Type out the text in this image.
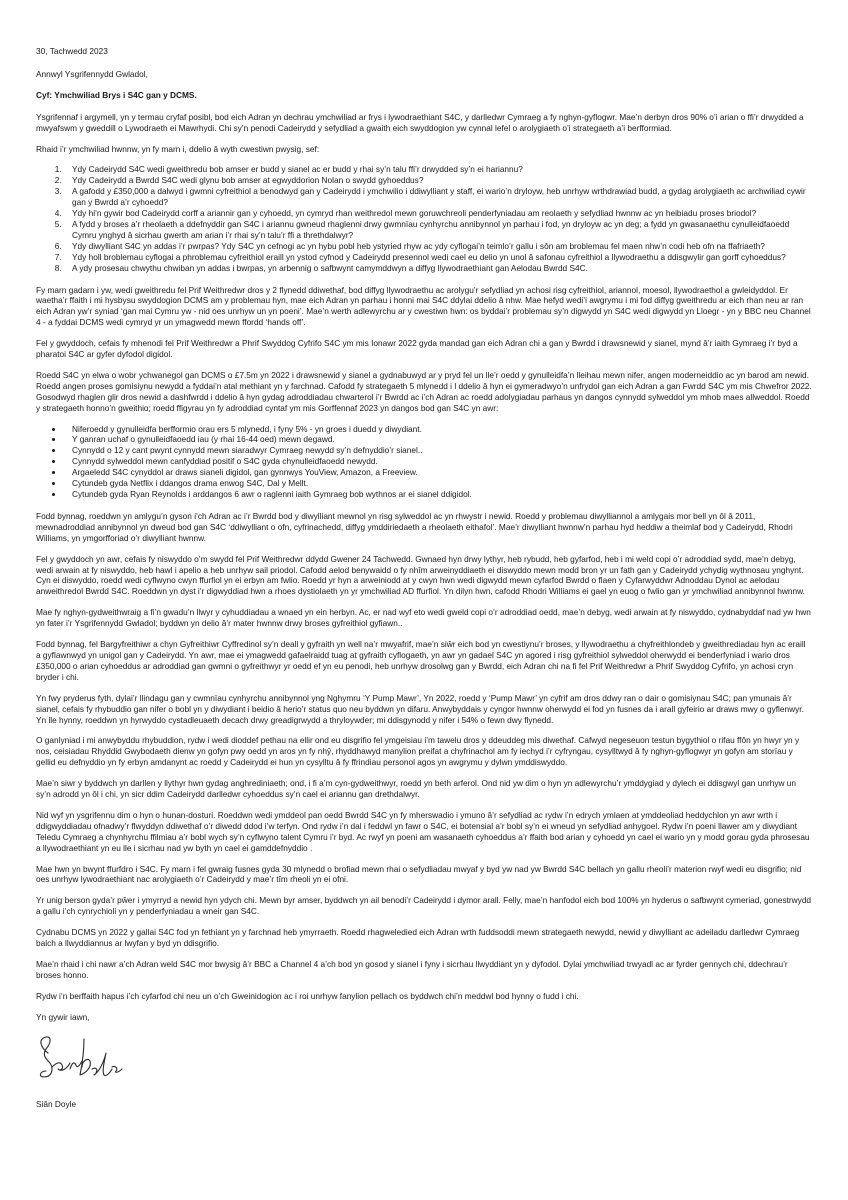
30, Tachwedd 2023

Annwyl Ysgrifennydd Gwladol,

Cyf: Ymchwiliad Brys i S4C gan y DCMS.

Ysgrifennaf i argymell, yn y termau cryfaf posibl, bod eich Adran yn dechrau ymchwiliad ar frys i lywodraethiant S4C, y darlledwr Cymraeg a fy nghyn-gyflogwr. Mae’n derbyn dros 90% o’i arian o ffi’r drwydded a mwyafswm y gweddill o Lywodraeth ei Mawrhydi. Chi sy’n penodi Cadeirydd y sefydliad a gwaith eich swyddogion yw cynnal lefel o arolygiaeth o’i strategaeth a’i berfformiad.

Rhaid i’r ymchwiliad hwnnw, yn fy marn i, ddelio â wyth cwestiwn pwysig, sef:

1. Ydy Cadeirydd S4C wedi gweithredu bob amser er budd y sianel ac er budd y rhai sy’n talu ffi’r drwydded sy’n ei hariannu?
2. Ydy Cadeirydd a Bwrdd S4C wedi glynu bob amser at egwyddorion Nolan o swydd gyhoeddus?
3. A gafodd y £350,000 a dalwyd i gwmni cyfreithiol a benodwyd gan y Cadeirydd i ymchwilio i ddiwylliant y staff, ei wario’n dryloyw, heb unrhyw wrthdrawiad budd, a gydag arolygiaeth ac archwiliad cywir gan y Bwrdd a’r cyhoedd?
4. Ydy hi’n gywir bod Cadeirydd corff a ariannir gan y cyhoedd, yn cymryd rhan weithredol mewn goruwchreoli penderfyniadau am reolaeth y sefydliad hwnnw ac yn heibiadu proses briodol?
5. A fydd y broses a’r rheolaeth a ddefnyddir gan S4C i ariannu gwneud rhaglenni drwy gwmnïau cynhyrchu annibynnol yn parhau i fod, yn dryloyw ac yn deg; a fydd yn gwasanaethu cynulleidfaoedd Cymru ynghyd â sicrhau gwerth am arian i’r rhai sy’n talu’r ffi a threthdalwyr?
6. Ydy diwylliant S4C yn addas i’r pwrpas? Ydy S4C yn cefnogi ac yn hybu pobl heb ystyried rhyw ac ydy cyflogai’n teimlo’r gallu i sôn am broblemau fel maen nhw’n codi heb ofn na ffafriaeth?
7. Ydy holl broblemau cyflogai a phroblemau cyfreithiol eraill yn ystod cyfnod y Cadeirydd presennol wedi cael eu delio yn unol â safonau cyfreithiol a llywodraethu a ddisgwylir gan gorff cyhoeddus?
8. A ydy prosesau chwythu chwiban yn addas i bwrpas, yn arbennig o safbwynt camymddwyn a diffyg llywodraethiant gan Aelodau Bwrdd S4C.

Fy marn gadarn i yw, wedi gweithredu fel Prif Weithredwr dros y 2 flynedd ddiwethaf, bod diffyg llywodraethu ac arolygu’r sefydliad yn achosi risg cyfreithiol, ariannol, moesol, llywodraethol a gwleidyddol. Er waetha’r ffaith i mi hysbysu swyddogion DCMS am y problemau hyn, mae eich Adran yn parhau i honni mai S4C ddylai ddelio â nhw. Mae hefyd wedi’i awgrymu i mi fod diffyg gweithredu ar eich rhan neu ar ran eich Adran yw’r syniad ‘gan mai Cymru yw - nid oes unrhyw un yn poeni’. Mae’n werth adlewyrchu ar y cwestiwn hwn: os byddai’r problemau sy’n digwydd yn S4C wedi digwydd yn Lloegr - yn y BBC neu Channel 4 - a fyddai DCMS wedi cymryd yr un ymagwedd mewn ffordd ‘hands off’.

Fel y gwyddoch, cefais fy mhenodi fel Prif Weithredwr a Phrif Swyddog Cyfrifo S4C ym mis Ionawr 2022 gyda mandad gan eich Adran chi a gan y Bwrdd i drawsnewid y sianel, mynd â’r iaith Gymraeg i’r byd a pharatoi S4C ar gyfer dyfodol digidol.

Roedd S4C yn elwa o wobr ychwanegol gan DCMS o £7.5m yn 2022 i drawsnewid y sianel a gydnabuwyd ar y pryd fel un lle’r oedd y gynulleidfa’n lleihau mewn nifer, angen moderneiddio ac yn barod am newid. Roedd angen proses gomisiynu newydd a fyddai’n atal methiant yn y farchnad. Cafodd fy strategaeth 5 mlynedd i l ddelio â hyn ei gymeradwyo’n unfrydol gan eich Adran a gan Fwrdd S4C ym mis Chwefror 2022. Gosodwyd rhaglen glir dros newid a dashfwrdd i ddelio â hyn gydag adroddiadau chwarterol i’r Bwrdd ac i’ch Adran ac roedd adolygiadau parhaus yn dangos cynnydd sylweddol ym mhob maes allweddol. Roedd y strategaeth honno’n gweithio; roedd ffigyrau yn fy adroddiad cyntaf ym mis Gorffennaf 2023 yn dangos bod gan S4C yn awr:

• Niferoedd y gynulleidfa berfformio orau ers 5 mlynedd, i fyny 5% - yn groes i duedd y diwydiant.
• Y ganran uchaf o gynulleidfaoedd iau (y rhai 16-44 oed) mewn degawd.
• Cynnydd o 12 y cant pwynt cynnydd mewn siaradwyr Cymraeg newydd sy’n defnyddio’r sianel..
• Cynnydd sylweddol mewn canfyddiad positif o S4C gyda chynulleidfaoedd newydd.
• Argaeledd S4C cynyddol ar draws sianeli digidol, gan gynnwys YouView, Amazon, a Freeview.
• Cytundeb gyda Netflix i ddangos drama enwog S4C, Dal y Mellt.
• Cytundeb gyda Ryan Reynolds i arddangos 6 awr o raglenni iaith Gymraeg bob wythnos ar ei sianel ddigidol.

Fodd bynnag, roeddwn yn amlygu’n gyson i’ch Adran ac i’r Bwrdd bod y diwylliant mewnol yn risg sylweddol ac yn rhwystr i newid. Roedd y problemau diwylliannol a amlygais mor bell yn ôl â 2011, mewnadroddiad annibynnol yn dweud bod gan S4C ‘ddiwylliant o ofn, cyfrinachedd, diffyg ymddiriedaeth a rheolaeth eithafol’. Mae’r diwylliant hwnnw’n parhau hyd heddiw a theimlaf bod y Cadeirydd, Rhodri Williams, yn ymgorfforiad o’r diwylliant hwnnw.

Fel y gwyddoch yn awr, cefais fy niswyddo o’m swydd fel Prif Weithredwr ddydd Gwener 24 Tachwedd. Gwnaed hyn drwy lythyr, heb rybudd, heb gyfarfod, heb i mi weld copi o’r adroddiad sydd, mae’n debyg, wedi arwain at fy niswyddo, heb hawl i apelio a heb unrhyw sail priodol. Cafodd aelod benywaidd o fy nhîm arweinyddiaeth ei diswyddo mewn modd bron yr un fath gan y Cadeirydd ychydig wythnosau ynghynt. Cyn ei diswyddo, roedd wedi cyflwyno cwyn ffurfiol yn ei erbyn am fwlio. Roedd yr hyn a arweiniodd at y cwyn hwn wedi digwydd mewn cyfarfod Bwrdd o flaen y Cyfarwyddwr Adnoddau Dynol ac aelodau anweithredol Bwrdd S4C. Roeddwn yn dyst i’r digwyddiad hwn a rhoes dystiolaeth yn yr ymchwiliad AD ffurfiol. Yn dilyn hwn, cafodd Rhodri Williams ei gael yn euog o fwlio gan yr ymchwiliad annibynnol hwnnw.

Mae fy nghyn-gydweithwraig a fi’n gwadu’n llwyr y cyhuddiadau a wnaed yn ein herbyn. Ac, er nad wyf eto wedi gweld copi o’r adroddiad oedd, mae’n debyg, wedi arwain at fy niswyddo, cydnabyddaf nad yw hwn yn fater i’r Ysgrifennydd Gwladol; byddwn yn delio â’r mater hwnnw drwy broses gyfreithiol gyfiawn..

Fodd bynnag, fel Bargyfreithiwr a chyn Gyfreithiwr Cyffredinol sy’n deall y gyfraith yn well na’r mwyafrif, mae’n siŵr eich bod yn cwestiynu’r broses, y llywodraethu a chyfreithlondeb y gweithrediadau hyn ac eraill a gyflawnwyd yn unigol gan y Cadeirydd. Yn awr, mae ei ymagwedd gafaelraidd tuag at gyfraith cyflogaeth, yn awr yn gadael S4C yn agored i risg gyfreithiol sylweddol oherwydd ei benderfyniad i wario dros £350,000 o arian cyhoeddus ar adroddiad gan gwmni o gyfreithwyr yr oedd ef yn eu penodi, heb unrhyw drosolwg gan y Bwrdd, eich Adran chi na fi fel Prif Weithredwr a Phrif Swyddog Cyfrifo, yn achosi cryn bryder i chi.

Yn fwy pryderus fyth, dylai’r llindagu gan y cwmnïau cynhyrchu annibynnol yng Nghymru ‘Y Pump Mawr’, Yn 2022, roedd y ‘Pump Mawr’ yn cyfrif am dros ddwy ran o dair o gomisiynau S4C; pan ymunais â’r sianel, cefais fy rhybuddio gan nifer o bobl yn y diwydiant i beidio â herio’r status quo neu byddwn yn difaru. Anwybyddais y cyngor hwnnw oherwydd ei fod yn fusnes da i arall gyfeirio ar draws mwy o gyflenwyr. Yn lle hynny, roeddwn yn hyrwyddo cystadleuaeth decach drwy greadigrwydd a thryloywder; mi ddisgynodd y nifer i 54% o fewn dwy flynedd.

O ganlyniad i mi anwybyddu rhybuddion, rydw i wedi dioddef pethau na ellir ond eu disgrifio fel ymgeisiau i’m tawelu dros y ddeuddeg mis diwethaf. Cafwyd negeseuon testun bygythiol o rifau ffôn yn hwyr yn y nos, ceisiadau Rhyddid Gwybodaeth dienw yn gofyn pwy oedd yn aros yn fy nhŷ, rhyddhawyd manylion preifat a chyfrinachol am fy iechyd i’r cyfryngau, cysylltwyd â fy nghyn-gyflogwyr yn gofyn am storïau y gellid eu defnyddio yn fy erbyn amdanynt ac roedd y Cadeirydd ei hun yn cysylltu â fy ffrindiau personol agos yn awgrymu y dylwn ymddiswyddo.

Mae’n siwr y byddwch yn darllen y llythyr hwn gydag anghrediniaeth; ond, i fi a’m cyn-gydweithwyr, roedd yn beth arferol. Ond nid yw dim o hyn yn adlewyrchu’r ymddygiad y dylech ei ddisgwyl gan unrhyw un sy’n adrodd yn ôl i chi, yn sicr ddim Cadeirydd darlledwr cyhoeddus sy’n cael ei ariannu gan drethdalwyr.

Nid wyf yn ysgrifennu dim o hyn o hunan-dosturi. Roeddwn wedi ymddeol pan oedd Bwrdd S4C yn fy mherswadio i ymuno â’r sefydliad ac rydw i’n edrych ymlaen at ymddeoliad heddychlon yn awr wrth i ddigwyddiadau ofnadwy’r flwyddyn ddiwethaf o’r diwedd ddod i’w terfyn. Ond rydw i’n dal i feddwl yn fawr o S4C, ei botensial a’r bobl sy’n ei wneud yn sefydliad anhygoel. Rydw i’n poeni llawer am y diwydiant Teledu Cymraeg a chynhyrchu ffilmiau a’r bobl wych sy’n cyflwyno talent Cymru i’r byd. Ac rwyf yn poeni am wasanaeth cyhoeddus a’r ffaith bod arian y cyhoedd yn cael ei wario yn y modd gorau gyda phrosesau a llywodraethiant yn eu lle i sicrhau nad yw byth yn cael ei gamddefnyddio .

Mae hwn yn bwynt ffurfdro i S4C. Fy marn i fel gwraig fusnes gyda 30 mlynedd o brofiad mewn rhai o sefydliadau mwyaf y byd yw nad yw Bwrdd S4C bellach yn gallu rheoli’r materion rwyf wedi eu disgrifio; nid oes unrhyw lywodraethiant nac arolygiaeth o’r Cadeirydd y mae’r tîm rheoli yn ei ofni.

Yr unig berson gyda’r pŵer i ymyrryd a newid hyn ydych chi. Mewn byr amser, byddwch yn ail benodi’r Cadeirydd i dymor arall. Felly, mae’n hanfodol eich bod 100% yn hyderus o safbwynt cymeriad, gonestrwydd a gallu i’ch cynrychioli yn y penderfyniadau a wneir gan S4C.

Cydnabu DCMS yn 2022 y gallai S4C fod yn fethiant yn y farchnad heb ymyrraeth. Roedd rhagweledied eich Adran wrth fuddsoddi mewn strategaeth newydd, newid y diwylliant ac adeiladu darlledwr Cymraeg balch a llwyddiannus ar lwyfan y byd yn ddisgrifio.

Mae’n rhaid i chi nawr a’ch Adran weld S4C mor bwysig â’r BBC a Channel 4 a’ch bod yn gosod y sianel i fyny i sicrhau llwyddiant yn y dyfodol. Dylai ymchwiliad trwyadl ac ar fyrder gennych chi, ddechrau’r broses honno.

Rydw i’n berffaith hapus i’ch cyfarfod chi neu un o’ch Gweinidogion ac i roi unrhyw fanylion pellach os byddwch chi’n meddwl bod hynny o fudd i chi.

Yn gywir iawn,

Siân Doyle
